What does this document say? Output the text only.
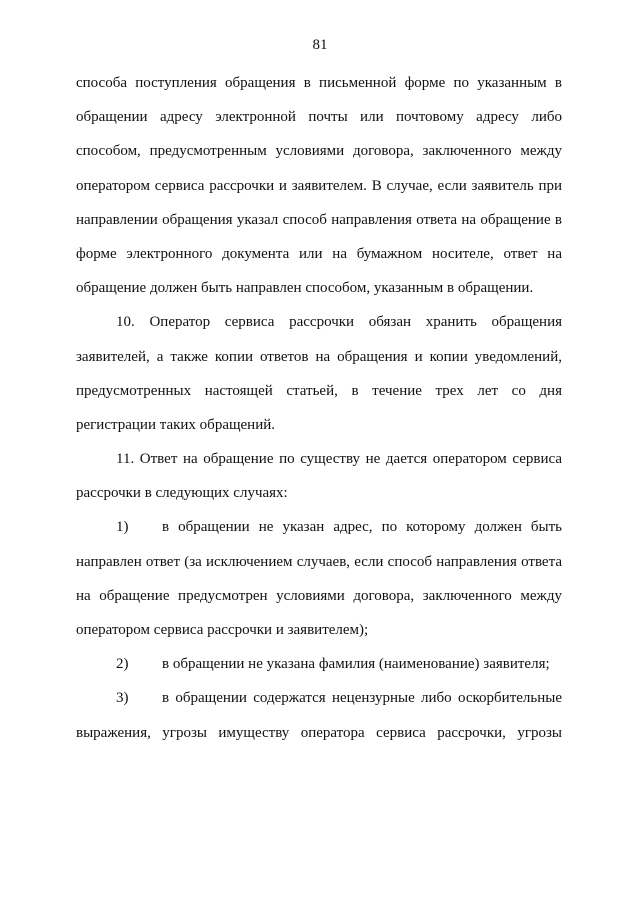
81
способа поступления обращения в письменной форме по указанным в
обращении адресу электронной почты или почтовому адресу либо
способом, предусмотренным условиями договора, заключенного между
оператором сервиса рассрочки и заявителем. В случае, если заявитель при
направлении обращения указал способ направления ответа на обращение в
форме электронного документа или на бумажном носителе, ответ на
обращение должен быть направлен способом, указанным в обращении.
10. Оператор сервиса рассрочки обязан хранить обращения
заявителей, а также копии ответов на обращения и копии уведомлений,
предусмотренных настоящей статьей, в течение трех лет со дня
регистрации таких обращений.
11. Ответ на обращение по существу не дается оператором сервиса
рассрочки в следующих случаях:
1)	в обращении не указан адрес, по которому должен быть
направлен ответ (за исключением случаев, если способ направления ответа
на обращение предусмотрен условиями договора, заключенного между
оператором сервиса рассрочки и заявителем);
2)	в обращении не указана фамилия (наименование) заявителя;
3)	в обращении содержатся нецензурные либо оскорбительные
выражения, угрозы имуществу оператора сервиса рассрочки, угрозы
